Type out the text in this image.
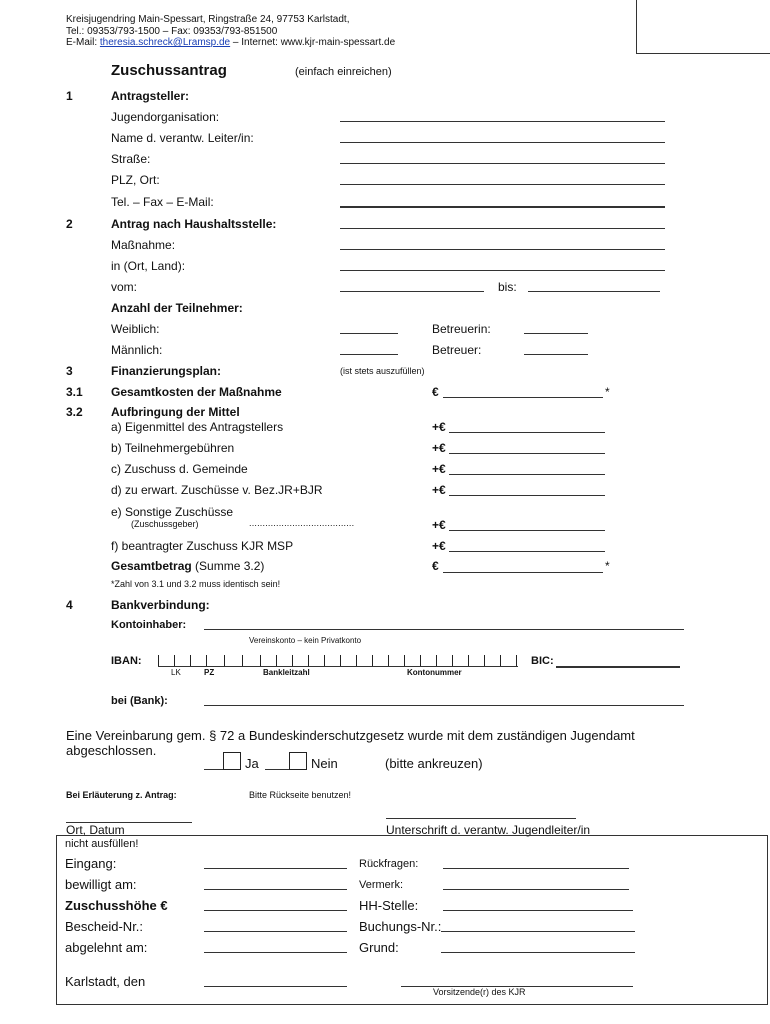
Kreisjugendring Main-Spessart, Ringstraße 24, 97753 Karlstadt,
Tel.: 09353/793-1500 – Fax: 09353/793-851500
E-Mail: theresia.schreck@Lramsp.de – Internet: www.kjr-main-spessart.de
Zuschussantrag	(einfach einreichen)
1	Antragsteller:
Jugendorganisation:
Name d. verantw. Leiter/in:
Straße:
PLZ, Ort:
Tel. – Fax – E-Mail:
2	Antrag nach Haushaltsstelle:
Maßnahme:
in (Ort, Land):
vom:	bis:
Anzahl der Teilnehmer:
Weiblich:	Betreuerin:
Männlich:	Betreuer:
3	Finanzierungsplan:	(ist stets auszufüllen)
3.1 Gesamtkosten der Maßnahme	€	*
3.2 Aufbringung der Mittel
a) Eigenmittel des Antragstellers	+€
b) Teilnehmergebühren	+€
c) Zuschuss d. Gemeinde	+€
d) zu erwart. Zuschüsse v. Bez.JR+BJR	+€
e) Sonstige Zuschüsse
(Zuschussgeber)	.......................................	+€
f) beantragter Zuschuss KJR MSP	+€
Gesamtbetrag (Summe 3.2)	€	*
*Zahl von 3.1 und 3.2 muss identisch sein!
4	Bankverbindung:
Kontoinhaber:
Vereinskonto – kein Privatkonto
IBAN:	BIC:
LK	PZ	Bankleitzahl	Kontonummer
bei (Bank):
Eine Vereinbarung gem. § 72 a Bundeskinderschutzgesetz wurde mit dem zuständigen Jugendamt
abgeschlossen.
Ja	Nein	(bitte ankreuzen)
Bei Erläuterung z. Antrag:	Bitte Rückseite benutzen!
Ort, Datum	Unterschrift d. verantw. Jugendleiter/in
nicht ausfüllen!
Eingang:	Rückfragen:
bewilligt am:	Vermerk:
Zuschusshöhe €	HH-Stelle:
Bescheid-Nr.:	Buchungs-Nr.:
abgelehnt am:	Grund:
Karlstadt, den
Vorsitzende(r) des KJR
